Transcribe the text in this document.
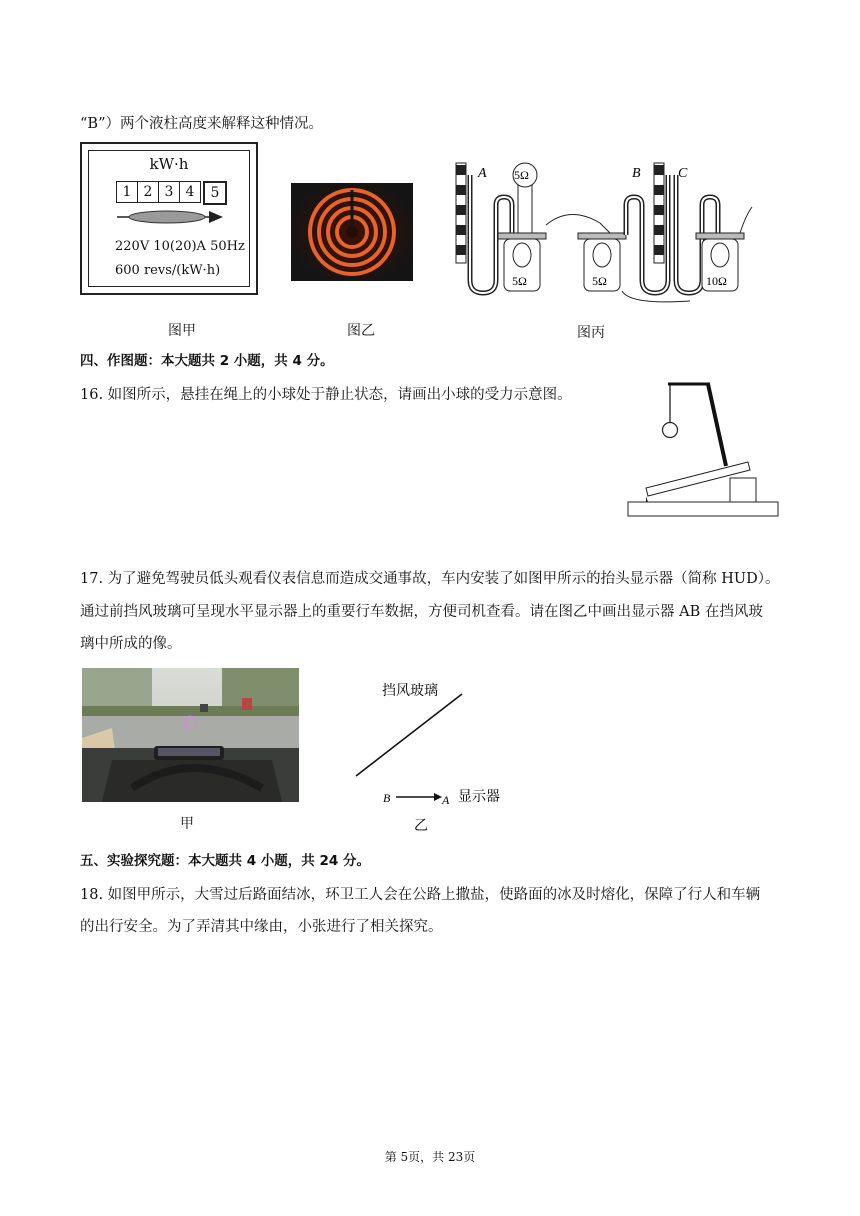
“B”）两个液柱高度来解释这种情况。
kW·h
1 2 3 4	5
220V 10(20)A 50Hz
600 revs/(kW·h)
A	B	C
5Ω
5Ω	5Ω	10Ω
图甲	图乙	图丙
四、作图题：本大题共 2 小题，共 4 分。
16. 如图所示，悬挂在绳上的小球处于静止状态，请画出小球的受力示意图。
17. 为了避免驾驶员低头观看仪表信息而造成交通事故，车内安装了如图甲所示的抬头显示器（简称 HUD）。
通过前挡风玻璃可呈现水平显示器上的重要行车数据，方便司机查看。请在图乙中画出显示器 AB 在挡风玻
璃中所成的像。
甲
挡风玻璃
B	A 显示器
乙
五、实验探究题：本大题共 4 小题，共 24 分。
18. 如图甲所示，大雪过后路面结冰，环卫工人会在公路上撒盐，使路面的冰及时熔化，保障了行人和车辆
的出行安全。为了弄清其中缘由，小张进行了相关探究。
第 5页，共 23页
